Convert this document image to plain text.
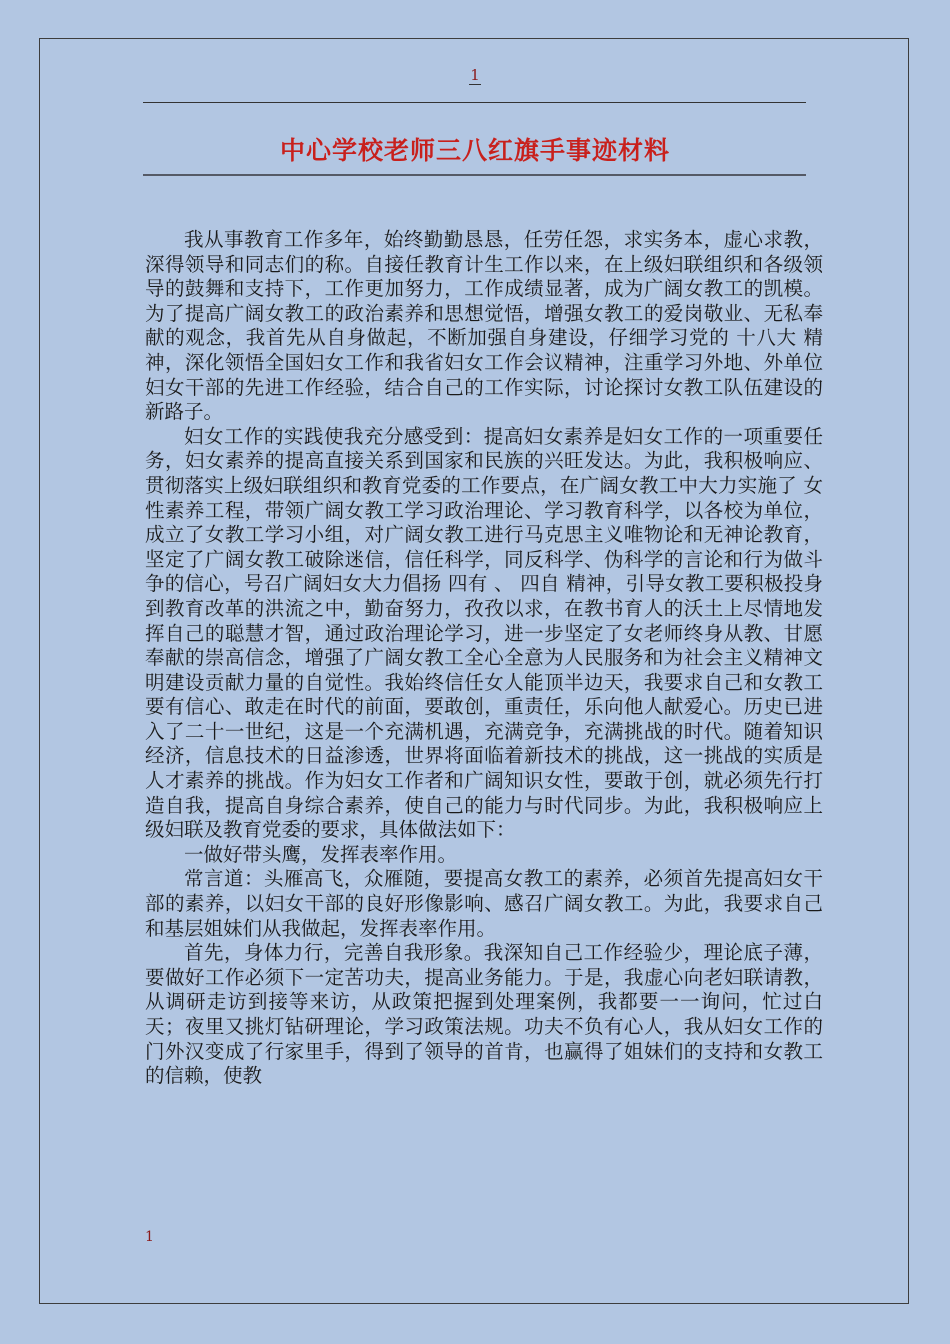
1
中心学校老师三八红旗手事迹材料

我从事教育工作多年，始终勤勤恳恳，任劳任怨，求实务本，虚心求教，深得领导和同志们的称。自接任教育计生工作以来，在上级妇联组织和各级领导的鼓舞和支持下，工作更加努力，工作成绩显著，成为广阔女教工的凯模。为了提高广阔女教工的政治素养和思想觉悟，增强女教工的爱岗敬业、无私奉献的观念，我首先从自身做起，不断加强自身建设，仔细学习党的 十八大 精神，深化领悟全国妇女工作和我省妇女工作会议精神，注重学习外地、外单位妇女干部的先进工作经验，结合自己的工作实际，讨论探讨女教工队伍建设的新路子。

妇女工作的实践使我充分感受到：提高妇女素养是妇女工作的一项重要任务，妇女素养的提高直接关系到国家和民族的兴旺发达。为此，我积极响应、贯彻落实上级妇联组织和教育党委的工作要点，在广阔女教工中大力实施了 女性素养工程，带领广阔女教工学习政治理论、学习教育科学，以各校为单位，成立了女教工学习小组，对广阔女教工进行马克思主义唯物论和无神论教育，坚定了广阔女教工破除迷信，信任科学，同反科学、伪科学的言论和行为做斗争的信心，号召广阔妇女大力倡扬 四有 、 四自 精神，引导女教工要积极投身到教育改革的洪流之中，勤奋努力，孜孜以求，在教书育人的沃土上尽情地发挥自己的聪慧才智，通过政治理论学习，进一步坚定了女老师终身从教、甘愿奉献的崇高信念，增强了广阔女教工全心全意为人民服务和为社会主义精神文明建设贡献力量的自觉性。我始终信任女人能顶半边天，我要求自己和女教工要有信心、敢走在时代的前面，要敢创，重责任，乐向他人献爱心。历史已进入了二十一世纪，这是一个充满机遇，充满竞争，充满挑战的时代。随着知识经济，信息技术的日益渗透，世界将面临着新技术的挑战，这一挑战的实质是人才素养的挑战。作为妇女工作者和广阔知识女性，要敢于创，就必须先行打造自我，提高自身综合素养，使自己的能力与时代同步。为此，我积极响应上级妇联及教育党委的要求，具体做法如下：

一做好带头鹰，发挥表率作用。

常言道：头雁高飞，众雁随，要提高女教工的素养，必须首先提高妇女干部的素养，以妇女干部的良好形像影响、感召广阔女教工。为此，我要求自己和基层姐妹们从我做起，发挥表率作用。

首先，身体力行，完善自我形象。我深知自己工作经验少，理论底子薄，要做好工作必须下一定苦功夫，提高业务能力。于是，我虚心向老妇联请教，从调研走访到接等来访，从政策把握到处理案例，我都要一一询问，忙过白天；夜里又挑灯钻研理论，学习政策法规。功夫不负有心人，我从妇女工作的门外汉变成了行家里手，得到了领导的首肯，也赢得了姐妹们的支持和女教工的信赖，使教

1
